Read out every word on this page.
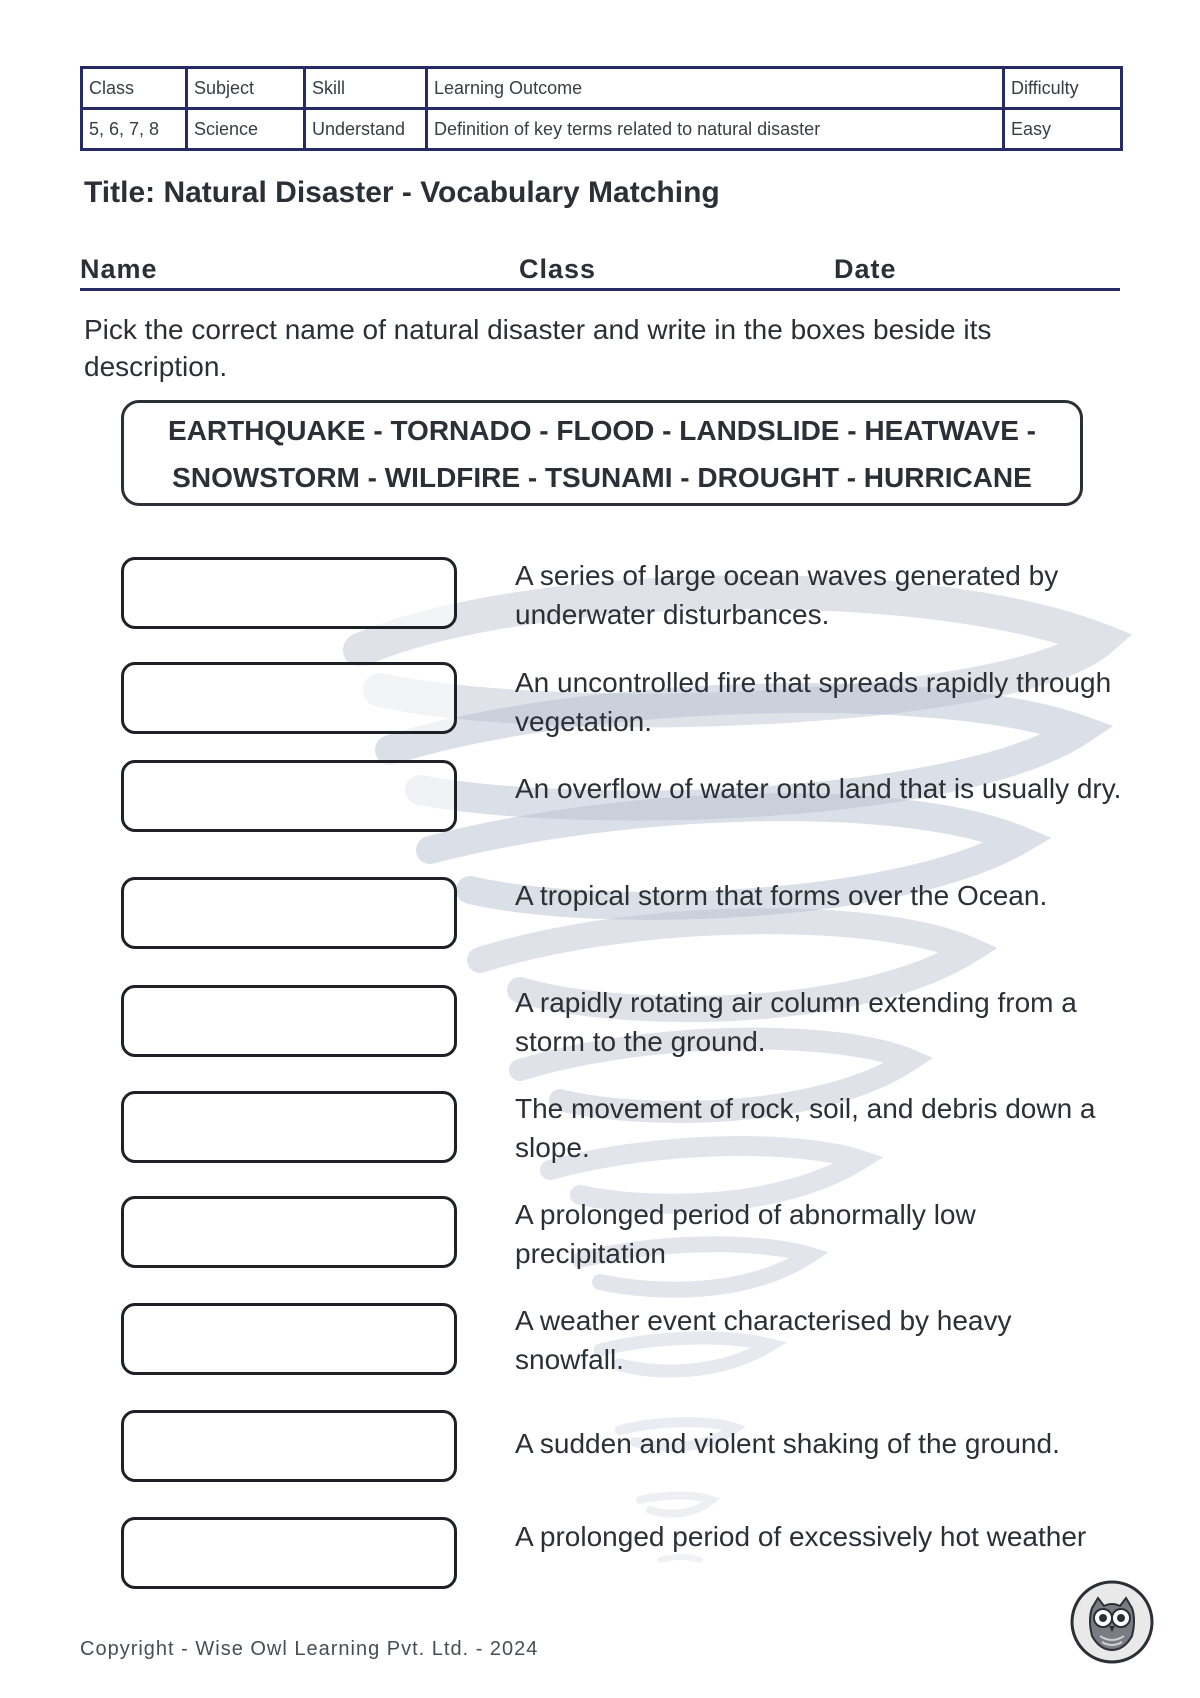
Class	Subject	Skill	Learning Outcome	Difficulty
5, 6, 7, 8	Science	Understand	Definition of key terms related to natural disaster	Easy
Title: Natural Disaster - Vocabulary Matching
Name	Class	Date
Pick the correct name of natural disaster and write in the boxes beside its description.
EARTHQUAKE - TORNADO - FLOOD - LANDSLIDE - HEATWAVE -
SNOWSTORM - WILDFIRE - TSUNAMI - DROUGHT - HURRICANE
A series of large ocean waves generated by underwater disturbances.
An uncontrolled fire that spreads rapidly through vegetation.
An overflow of water onto land that is usually dry.
A tropical storm that forms over the Ocean.
A rapidly rotating air column extending from a storm to the ground.
The movement of rock, soil, and debris down a slope.
A prolonged period of abnormally low precipitation
A weather event characterised by heavy snowfall.
A sudden and violent shaking of the ground.
A prolonged period of excessively hot weather
Copyright - Wise Owl Learning Pvt. Ltd. - 2024
